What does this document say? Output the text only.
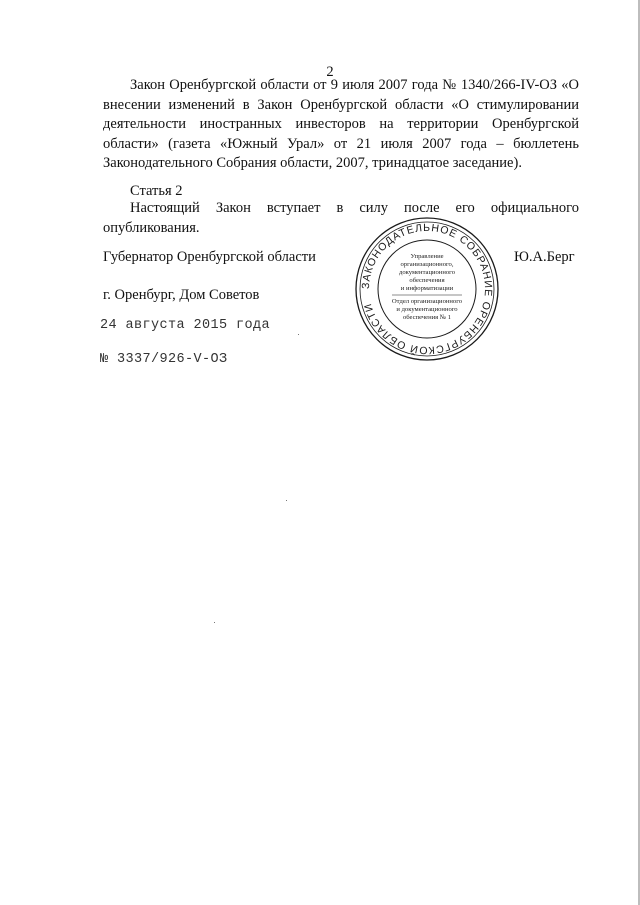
2
Закон Оренбургской области от 9 июля 2007 года № 1340/266-IV-ОЗ «О
внесении изменений в Закон Оренбургской области «О стимулировании
деятельности иностранных инвесторов на территории Оренбургской
области» (газета «Южный Урал» от 21 июля 2007 года – бюллетень
Законодательного Собрания области, 2007, тринадцатое заседание).
Статья 2
Настоящий Закон вступает в силу после его официального
опубликования.
Губернатор Оренбургской области	Ю.А.Берг
г. Оренбург, Дом Советов
24 августа 2015 года
№ 3337/926-V-ОЗ
ЗАКОНОДАТЕЛЬНОЕ СОБРАНИЕ ОРЕНБУРГСКОЙ ОБЛАСТИ
Управление
организационного,
документационного
обеспечения
и информатизации
Отдел организационного
и документационного
обеспечения № 1
